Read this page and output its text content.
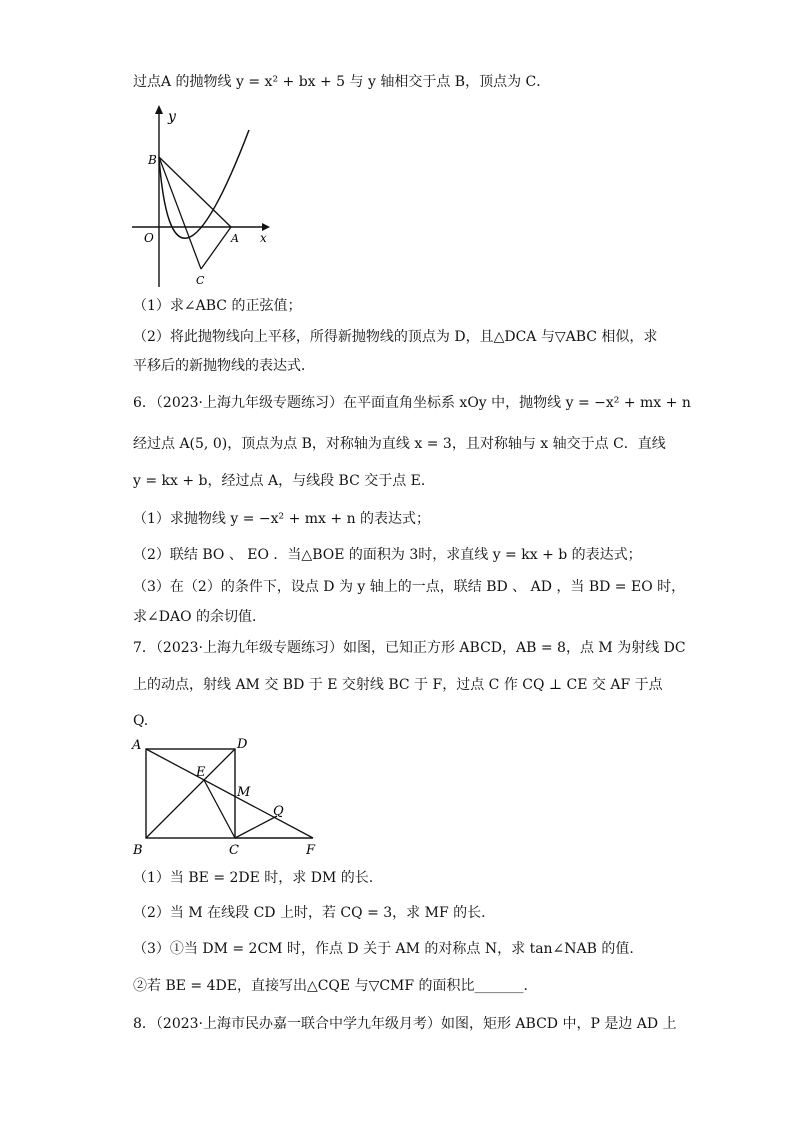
过点A 的抛物线 y = x² + bx + 5 与 y 轴相交于点 B，顶点为 C．
y
B
O	A x
C
（1）求∠ABC 的正弦值；
（2）将此抛物线向上平移，所得新抛物线的顶点为 D，且△DCA 与▽ABC 相似，求
平移后的新抛物线的表达式．
6．（2023·上海九年级专题练习）在平面直角坐标系 xOy 中，抛物线 y = −x² + mx + n
经过点 A(5, 0)，顶点为点 B，对称轴为直线 x = 3，且对称轴与 x 轴交于点 C．直线
y = kx + b，经过点 A，与线段 BC 交于点 E.
（1）求抛物线 y = −x² + mx + n 的表达式；
（2）联结 BO 、 EO ．当△BOE 的面积为 3时，求直线 y = kx + b 的表达式；
（3）在（2）的条件下，设点 D 为 y 轴上的一点，联结 BD 、 AD ，当 BD = EO 时，
求∠DAO 的余切值．
7．（2023·上海九年级专题练习）如图，已知正方形 ABCD，AB = 8，点 M 为射线 DC
上的动点，射线 AM 交 BD 于 E 交射线 BC 于 F，过点 C 作 CQ ⊥ CE 交 AF 于点
Q.
A	D
E
M
Q
B	C	F
（1）当 BE = 2DE 时，求 DM 的长.
（2）当 M 在线段 CD 上时，若 CQ = 3，求 MF 的长.
（3）①当 DM = 2CM 时，作点 D 关于 AM 的对称点 N，求 tan∠NAB 的值.
②若 BE = 4DE，直接写出△CQE 与▽CMF 的面积比_______.
8．（2023·上海市民办嘉一联合中学九年级月考）如图，矩形 ABCD 中，P 是边 AD 上
